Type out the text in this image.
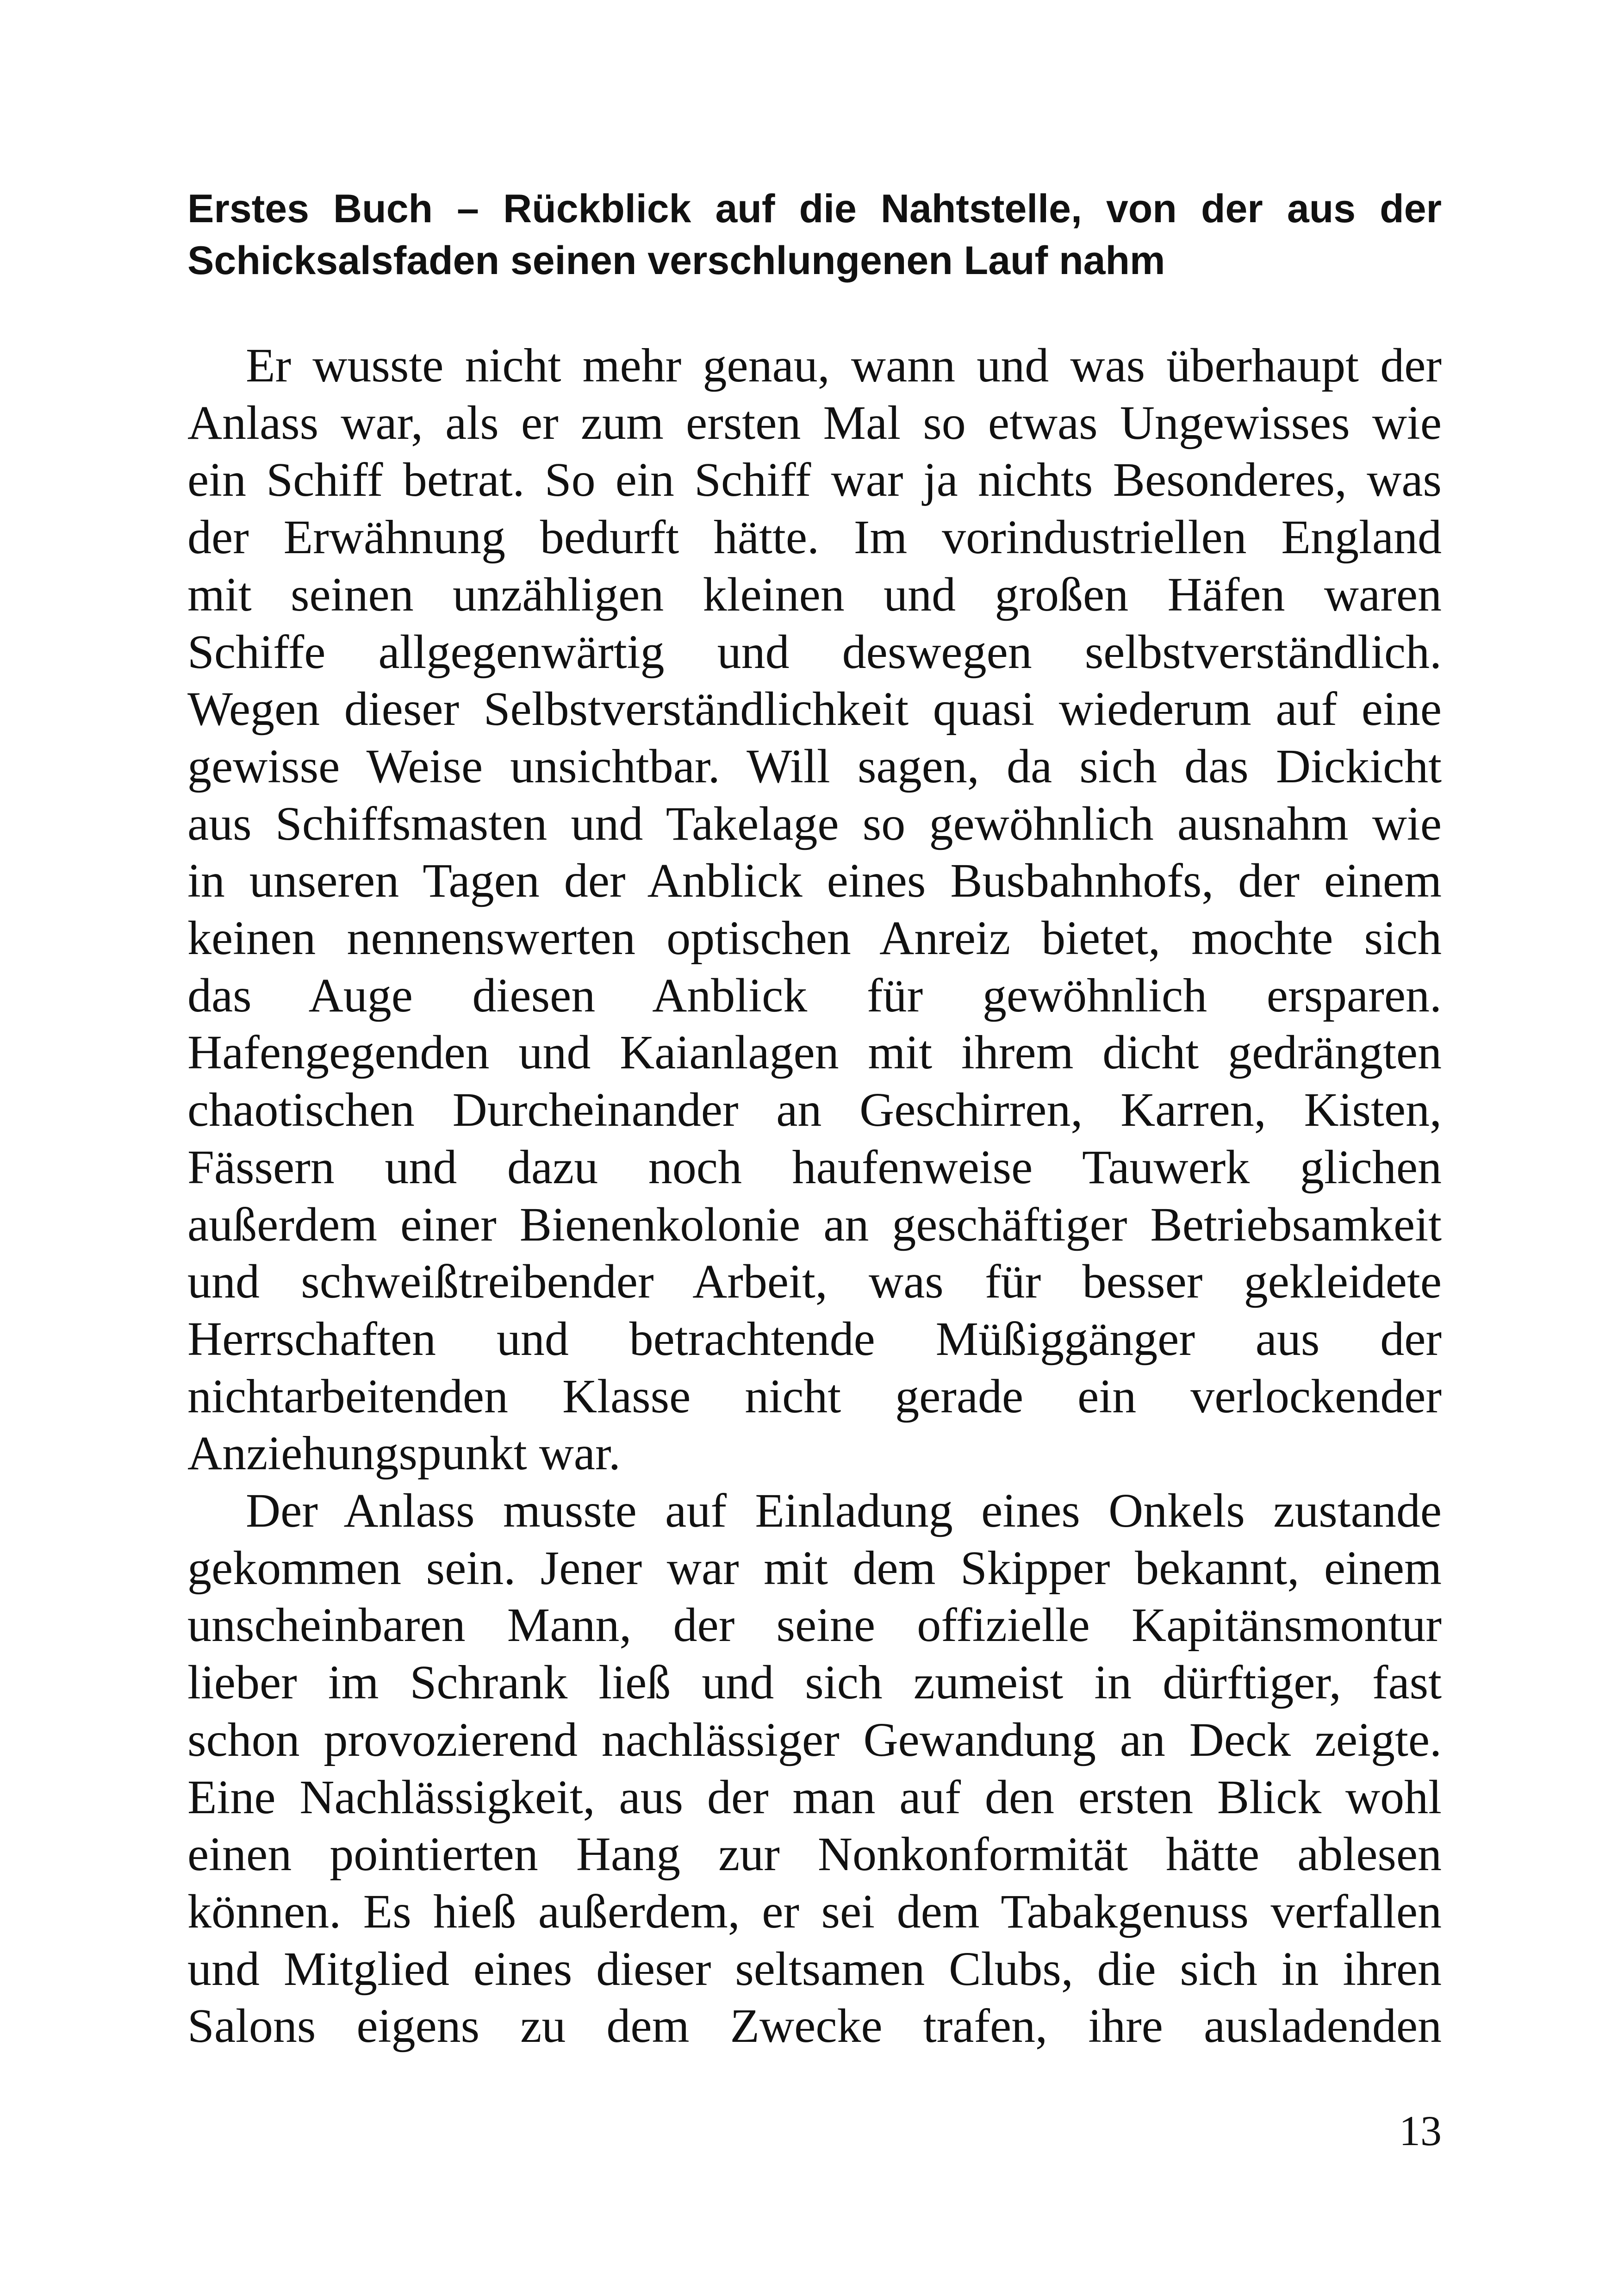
Erstes Buch – Rückblick auf die Nahtstelle, von der aus der Schicksalsfaden seinen verschlungenen Lauf nahm

Er wusste nicht mehr genau, wann und was überhaupt der
Anlass war, als er zum ersten Mal so etwas Ungewisses wie
ein Schiff betrat. So ein Schiff war ja nichts Besonderes, was
der Erwähnung bedurft hätte. Im vorindustriellen England
mit seinen unzähligen kleinen und großen Häfen waren
Schiffe allgegenwärtig und deswegen selbstverständlich.
Wegen dieser Selbstverständlichkeit quasi wiederum auf eine
gewisse Weise unsichtbar. Will sagen, da sich das Dickicht
aus Schiffsmasten und Takelage so gewöhnlich ausnahm wie
in unseren Tagen der Anblick eines Busbahnhofs, der einem
keinen nennenswerten optischen Anreiz bietet, mochte sich
das Auge diesen Anblick für gewöhnlich ersparen.
Hafengegenden und Kaianlagen mit ihrem dicht gedrängten
chaotischen Durcheinander an Geschirren, Karren, Kisten,
Fässern und dazu noch haufenweise Tauwerk glichen
außerdem einer Bienenkolonie an geschäftiger Betriebsamkeit
und schweißtreibender Arbeit, was für besser gekleidete
Herrschaften und betrachtende Müßiggänger aus der
nichtarbeitenden Klasse nicht gerade ein verlockender
Anziehungspunkt war.

Der Anlass musste auf Einladung eines Onkels zustande
gekommen sein. Jener war mit dem Skipper bekannt, einem
unscheinbaren Mann, der seine offizielle Kapitänsmontur
lieber im Schrank ließ und sich zumeist in dürftiger, fast
schon provozierend nachlässiger Gewandung an Deck zeigte.
Eine Nachlässigkeit, aus der man auf den ersten Blick wohl
einen pointierten Hang zur Nonkonformität hätte ablesen
können. Es hieß außerdem, er sei dem Tabakgenuss verfallen
und Mitglied eines dieser seltsamen Clubs, die sich in ihren
Salons eigens zu dem Zwecke trafen, ihre ausladenden

13
